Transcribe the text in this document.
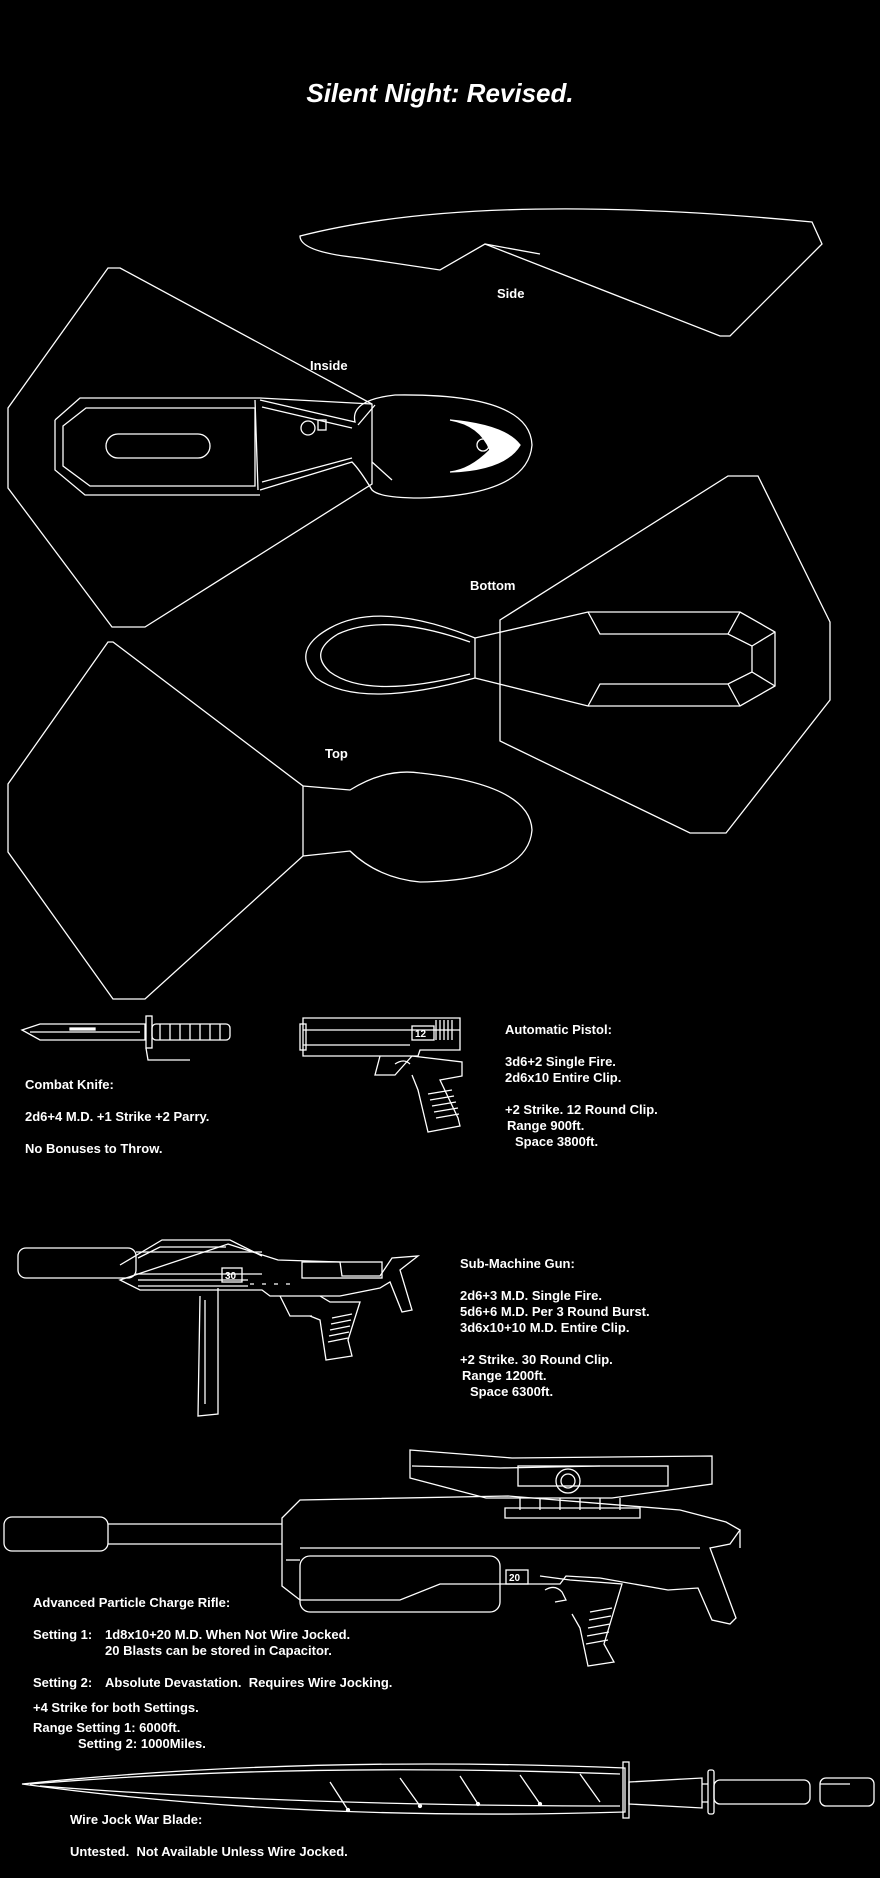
Silent Night: Revised.
12
30
20
Side
Inside
Bottom
Top
Combat Knife:
2d6+4 M.D. +1 Strike +2 Parry.
No Bonuses to Throw.
Automatic Pistol:
3d6+2 Single Fire.
2d6x10 Entire Clip.
+2 Strike. 12 Round Clip.
Range 900ft.
Space 3800ft.
Sub-Machine Gun:
2d6+3 M.D. Single Fire.
5d6+6 M.D. Per 3 Round Burst.
3d6x10+10 M.D. Entire Clip.
+2 Strike. 30 Round Clip.
Range 1200ft.
Space 6300ft.
Advanced Particle Charge Rifle:
Setting 1: 1d8x10+20 M.D. When Not Wire Jocked.
20 Blasts can be stored in Capacitor.
Setting 2: Absolute Devastation.  Requires Wire Jocking.
+4 Strike for both Settings.
Range Setting 1: 6000ft.
Setting 2: 1000Miles.
Wire Jock War Blade:
Untested.  Not Available Unless Wire Jocked.
